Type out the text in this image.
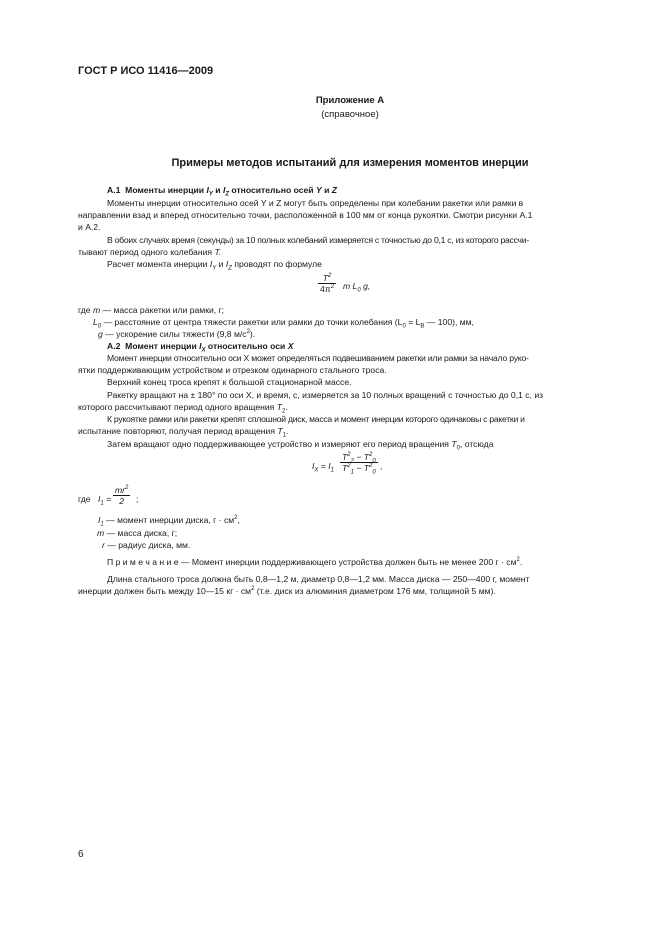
ГОСТ Р ИСО 11416—2009
Приложение А
(справочное)
Примеры методов испытаний для измерения моментов инерции
А.1 Моменты инерции $I_Y$ и $I_Z$ относительно осей Y и Z
Моменты инерции относительно осей Y и Z могут быть определены при колебании ракетки или рамки в
направлении взад и вперед относительно точки, расположенной в 100 мм от конца рукоятки. Смотри рисунки А.1
и А.2.
В обоих случаях время (секунды) за 10 полных колебаний измеряется с точностью до 0,1 с, из которого рассчи-
тывают период одного колебания T.
Расчет момента инерции $I_Y$ и $I_Z$ проводят по формуле
$\frac{T^2}{4\pi^2}$ m $L_0$ g,
где m — масса ракетки или рамки, г;
$L_0$ — расстояние от центра тяжести ракетки или рамки до точки колебания ($L_0 = L_B$ — 100), мм,
g — ускорение силы тяжести (9,8 $м/с^2$).
А.2 Момент инерции $I_X$ относительно оси X
Момент инерции относительно оси X может определяться подвешиванием ракетки или рамки за начало руко-
ятки поддерживающим устройством и отрезком одинарного стального троса.
Верхний конец троса крепят к большой стационарной массе.
Ракетку вращают на ± 180° по оси X, и время, с, измеряется за 10 полных вращений с точностью до 0,1 с, из
которого рассчитывают период одного вращения $T_2$.
К рукоятке рамки или ракетки крепят сплошной диск, масса и момент инерции которого одинаковы с ракетки и
испытание повторяют, получая период вращения $T_1$.
Затем вращают одно поддерживающее устройство и измеряют его период вращения $T_0$, отсюда
$I_X = I_1 \frac{T^2_2 - T^2_0}{T^2_1 - T^2_0}$ ,
где $I_1 = \frac{mr^2}{2}$ ;
$I_1$ — момент инерции диска, $г \cdot см^2$,
m — масса диска, г;
r — радиус диска, мм.
П р и м е ч а н и е — Момент инерции поддерживающего устройства должен быть не менее 200 $г \cdot см^2$.
Длина стального троса должна быть 0,8—1,2 м, диаметр 0,8—1,2 мм. Масса диска — 250—400 г, момент
инерции должен быть между 10—15 кг · $см^2$ (т.е. диск из алюминия диаметром 176 мм, толщиной 5 мм).
6
